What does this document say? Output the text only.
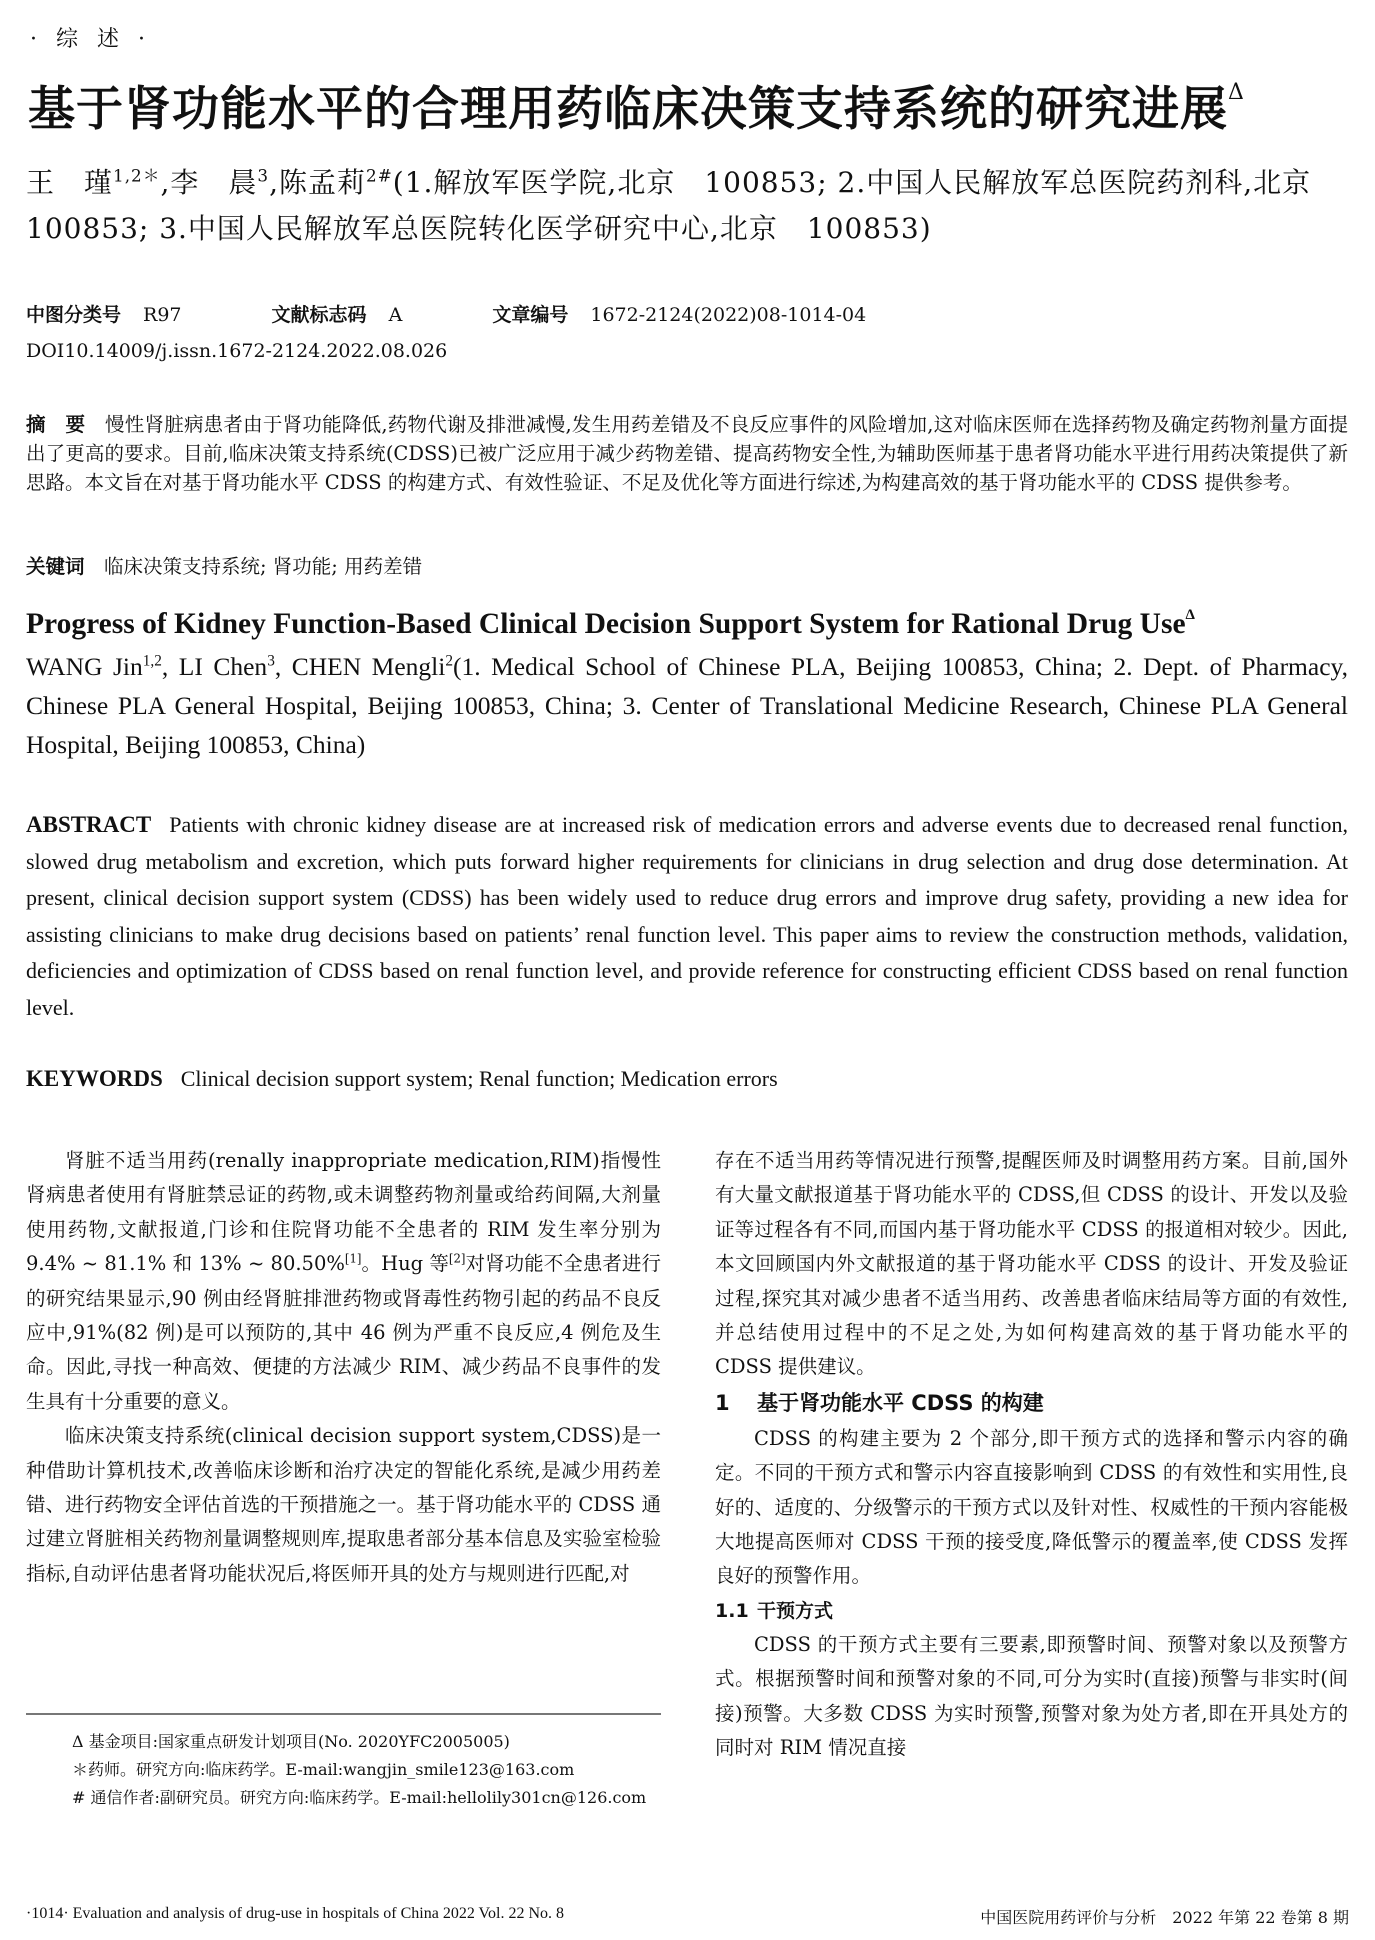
· 综 述 ·
基于肾功能水平的合理用药临床决策支持系统的研究进展$^\Delta$
王　瑾$^{1,2*}$,李　晨$^3$,陈孟莉$^{2\#}$(1.解放军医学院,北京　100853; 2.中国人民解放军总医院药剂科,北京　100853; 3.中国人民解放军总医院转化医学研究中心,北京　100853)
中图分类号 R97	文献标志码 A	文章编号 1672-2124(2022)08-1014-04
DOI10.14009/j.issn.1672-2124.2022.08.026
摘　要　 慢性肾脏病患者由于肾功能降低,药物代谢及排泄减慢,发生用药差错及不良反应事件的风险增加,这对临床医师在选择药物及确定药物剂量方面提出了更高的要求。目前,临床决策支持系统(CDSS)已被广泛应用于减少药物差错、提高药物安全性,为辅助医师基于患者肾功能水平进行用药决策提供了新思路。本文旨在对基于肾功能水平 CDSS 的构建方式、有效性验证、不足及优化等方面进行综述,为构建高效的基于肾功能水平的 CDSS 提供参考。
关键词　 临床决策支持系统; 肾功能; 用药差错
Progress of Kidney Function-Based Clinical Decision Support System for Rational Drug Use$^\Delta$
WANG Jin$^{1,2}$, LI Chen$^3$, CHEN Mengli$^2$(1. Medical School of Chinese PLA, Beijing 100853, China; 2. Dept. of Pharmacy, Chinese PLA General Hospital, Beijing 100853, China; 3. Center of Translational Medicine Research, Chinese PLA General Hospital, Beijing 100853, China)
ABSTRACT Patients with chronic kidney disease are at increased risk of medication errors and adverse events due to decreased renal function, slowed drug metabolism and excretion, which puts forward higher requirements for clinicians in drug selection and drug dose determination. At present, clinical decision support system (CDSS) has been widely used to reduce drug errors and improve drug safety, providing a new idea for assisting clinicians to make drug decisions based on patients’ renal function level. This paper aims to review the construction methods, validation, deficiencies and optimization of CDSS based on renal function level, and provide reference for constructing efficient CDSS based on renal function level.
KEYWORDS Clinical decision support system; Renal function; Medication errors

肾脏不适当用药(renally inappropriate medication,RIM)指慢性肾病患者使用有肾脏禁忌证的药物,或未调整药物剂量或给药间隔,大剂量使用药物,文献报道,门诊和住院肾功能不全患者的 RIM 发生率分别为 9.4% ~ 81.1% 和 13% ~ 80.50%[1]。Hug 等[2]对肾功能不全患者进行的研究结果显示,90 例由经肾脏排泄药物或肾毒性药物引起的药品不良反应中,91%(82 例)是可以预防的,其中 46 例为严重不良反应,4 例危及生命。因此,寻找一种高效、便捷的方法减少 RIM、减少药品不良事件的发生具有十分重要的意义。

临床决策支持系统(clinical decision support system,CDSS)是一种借助计算机技术,改善临床诊断和治疗决定的智能化系统,是减少用药差错、进行药物安全评估首选的干预措施之一。基于肾功能水平的 CDSS 通过建立肾脏相关药物剂量调整规则库,提取患者部分基本信息及实验室检验指标,自动评估患者肾功能状况后,将医师开具的处方与规则进行匹配,对

Δ 基金项目:国家重点研发计划项目(No. 2020YFC2005005)

＊药师。研究方向:临床药学。E-mail:wangjin_smile123@163.com

# 通信作者:副研究员。研究方向:临床药学。E-mail:hellolily301cn@126.com

存在不适当用药等情况进行预警,提醒医师及时调整用药方案。目前,国外有大量文献报道基于肾功能水平的 CDSS,但 CDSS 的设计、开发以及验证等过程各有不同,而国内基于肾功能水平 CDSS 的报道相对较少。因此,本文回顾国内外文献报道的基于肾功能水平 CDSS 的设计、开发及验证过程,探究其对减少患者不适当用药、改善患者临床结局等方面的有效性,并总结使用过程中的不足之处,为如何构建高效的基于肾功能水平的 CDSS 提供建议。

1 基于肾功能水平 CDSS 的构建

CDSS 的构建主要为 2 个部分,即干预方式的选择和警示内容的确定。不同的干预方式和警示内容直接影响到 CDSS 的有效性和实用性,良好的、适度的、分级警示的干预方式以及针对性、权威性的干预内容能极大地提高医师对 CDSS 干预的接受度,降低警示的覆盖率,使 CDSS 发挥良好的预警作用。

1.1 干预方式

CDSS 的干预方式主要有三要素,即预警时间、预警对象以及预警方式。根据预警时间和预警对象的不同,可分为实时(直接)预警与非实时(间接)预警。大多数 CDSS 为实时预警,预警对象为处方者,即在开具处方的同时对 RIM 情况直接

·1014· Evaluation and analysis of drug-use in hospitals of China 2022 Vol. 22 No. 8	中国医院用药评价与分析　2022 年第 22 卷第 8 期
